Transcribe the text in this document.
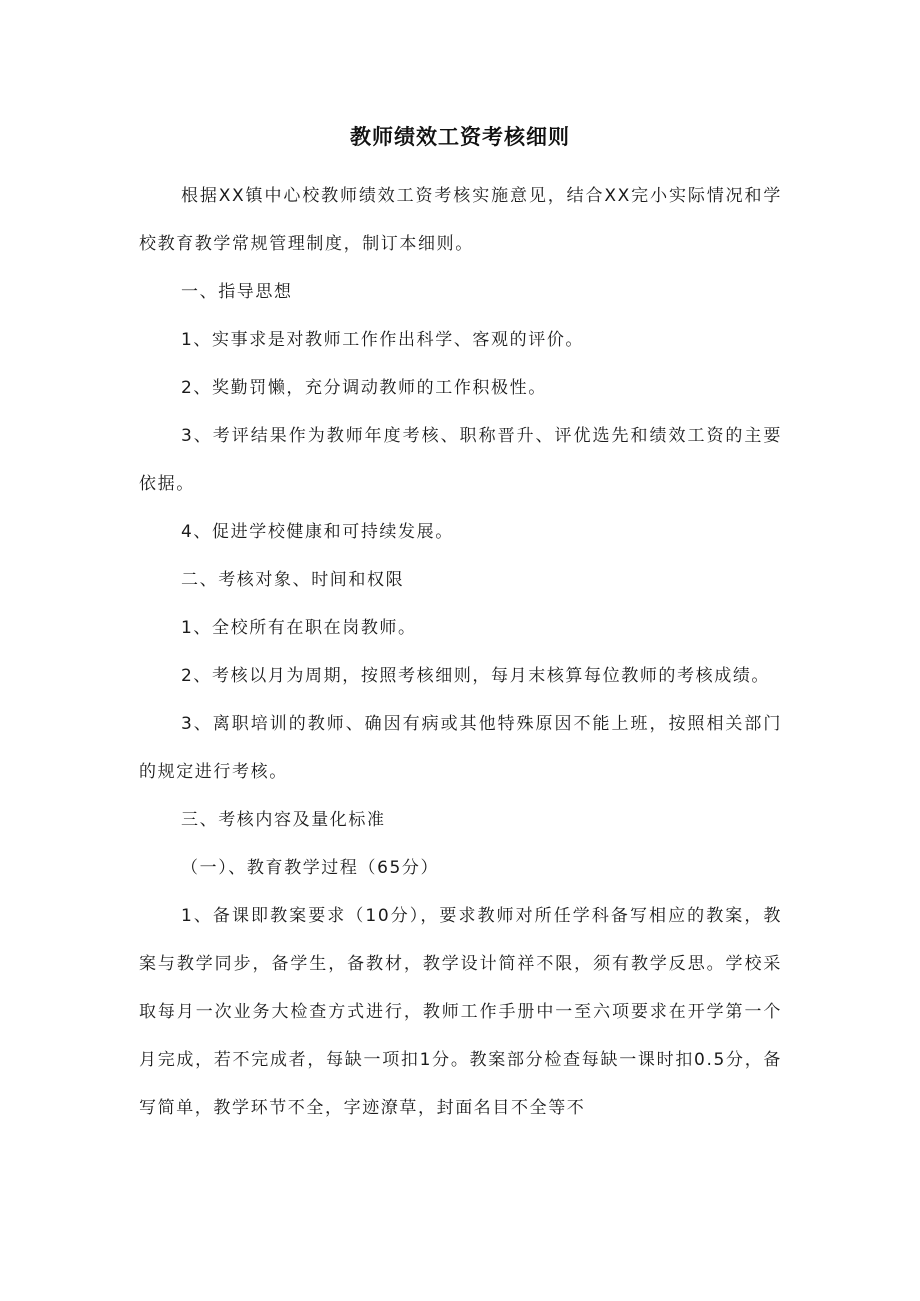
教师绩效工资考核细则

根据XX镇中心校教师绩效工资考核实施意见，结合XX完小实际情况和学校教育教学常规管理制度，制订本细则。

一、指导思想

1、实事求是对教师工作作出科学、客观的评价。

2、奖勤罚懒，充分调动教师的工作积极性。

3、考评结果作为教师年度考核、职称晋升、评优选先和绩效工资的主要依据。

4、促进学校健康和可持续发展。

二、考核对象、时间和权限

1、全校所有在职在岗教师。

2、考核以月为周期，按照考核细则，每月末核算每位教师的考核成绩。

3、离职培训的教师、确因有病或其他特殊原因不能上班，按照相关部门的规定进行考核。

三、考核内容及量化标准

（一）、教育教学过程（65分）

1、备课即教案要求（10分），要求教师对所任学科备写相应的教案，教案与教学同步，备学生，备教材，教学设计简祥不限，须有教学反思。学校采取每月一次业务大检查方式进行，教师工作手册中一至六项要求在开学第一个月完成，若不完成者，每缺一项扣1分。教案部分检查每缺一课时扣0.5分，备写简单，教学环节不全，字迹潦草，封面名目不全等不
